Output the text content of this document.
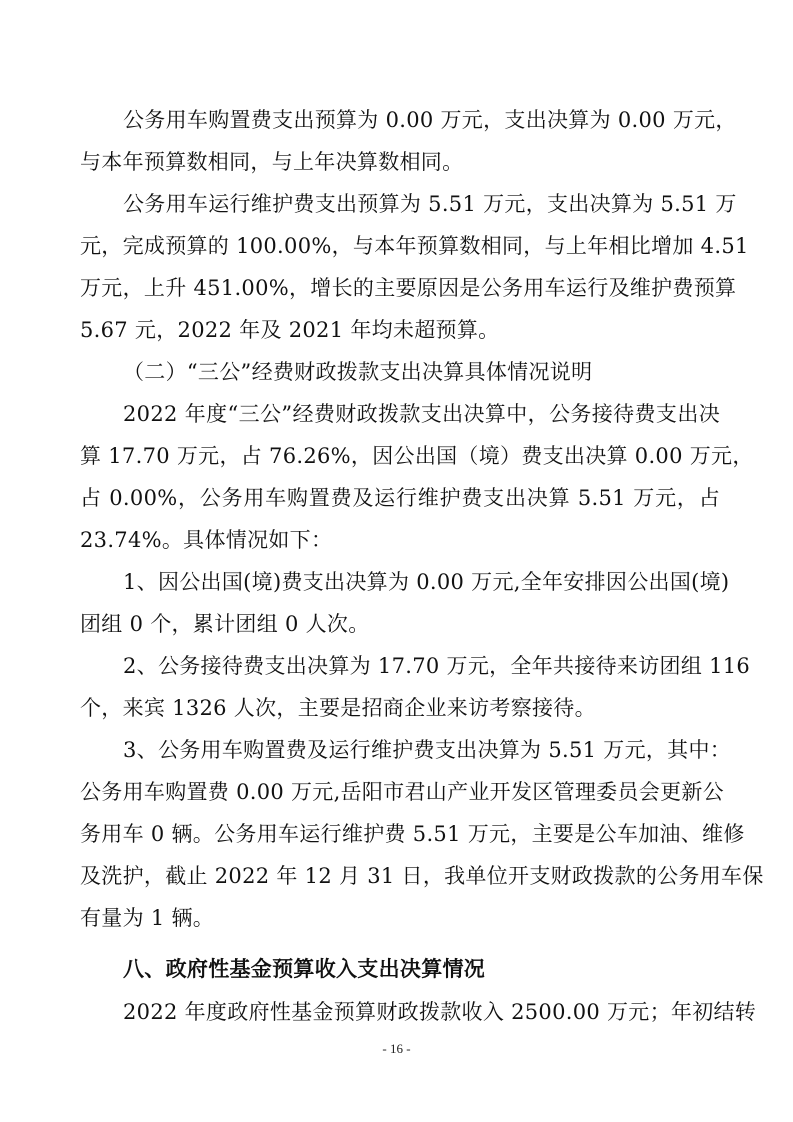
公务用车购置费支出预算为 0.00 万元，支出决算为 0.00 万元，
与本年预算数相同，与上年决算数相同。
公务用车运行维护费支出预算为 5.51 万元，支出决算为 5.51 万
元，完成预算的 100.00%，与本年预算数相同，与上年相比增加 4.51
万元，上升 451.00%，增长的主要原因是公务用车运行及维护费预算
5.67 元，2022 年及 2021 年均未超预算。
（二）“三公”经费财政拨款支出决算具体情况说明
2022 年度“三公”经费财政拨款支出决算中，公务接待费支出决
算 17.70 万元，占 76.26%，因公出国（境）费支出决算 0.00 万元，
占 0.00%，公务用车购置费及运行维护费支出决算 5.51 万元，占
23.74%。具体情况如下：
1、因公出国(境)费支出决算为 0.00 万元,全年安排因公出国(境)
团组 0 个，累计团组 0 人次。
2、公务接待费支出决算为 17.70 万元，全年共接待来访团组 116
个，来宾 1326 人次，主要是招商企业来访考察接待。
3、公务用车购置费及运行维护费支出决算为 5.51 万元，其中：
公务用车购置费 0.00 万元,岳阳市君山产业开发区管理委员会更新公
务用车 0 辆。公务用车运行维护费 5.51 万元，主要是公车加油、维修
及洗护，截止 2022 年 12 月 31 日，我单位开支财政拨款的公务用车保
有量为 1 辆。
八、政府性基金预算收入支出决算情况
2022 年度政府性基金预算财政拨款收入 2500.00 万元；年初结转
- 16 -
